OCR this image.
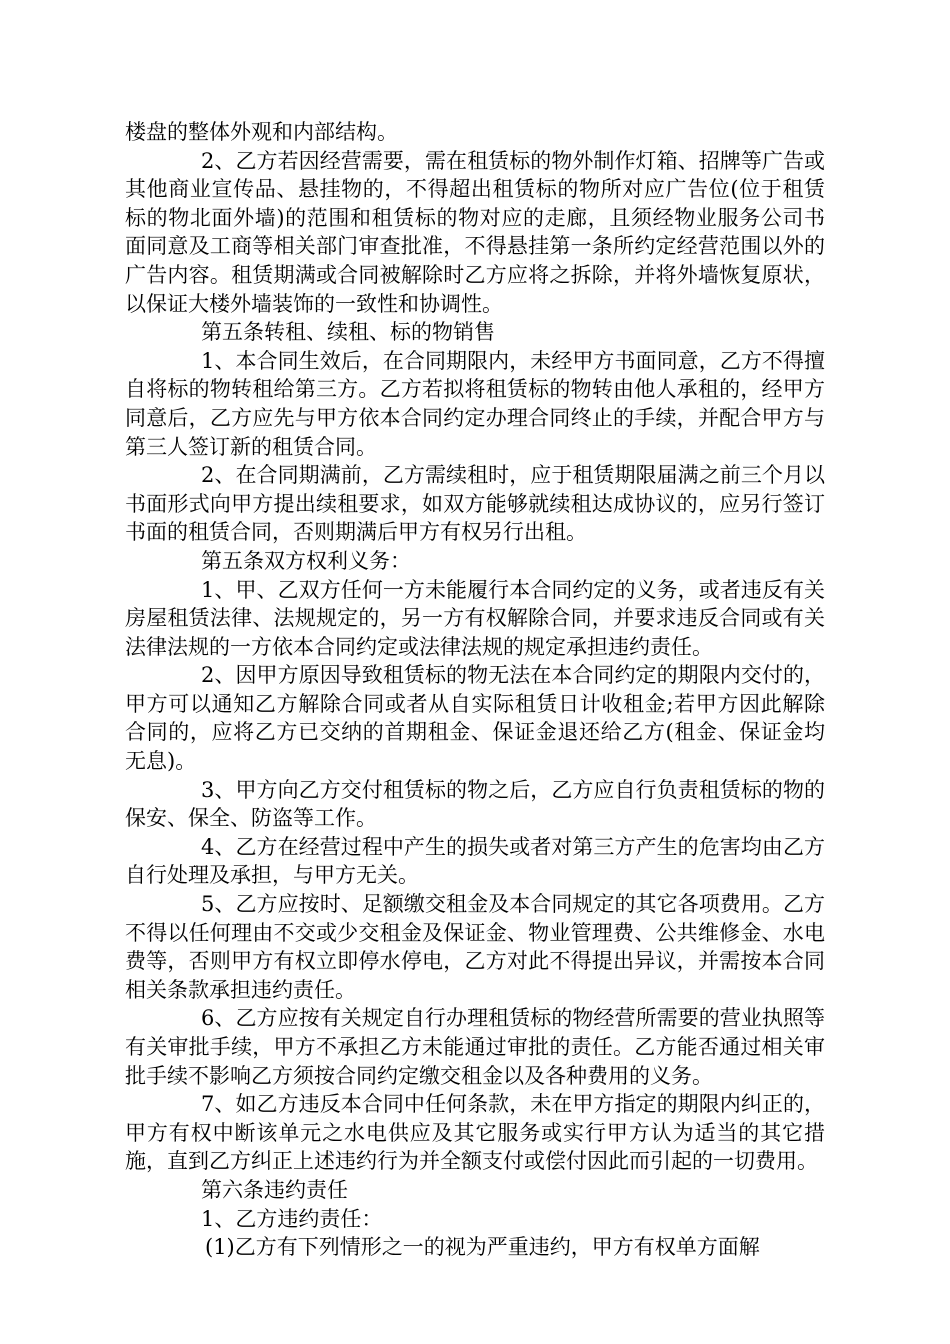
楼盘的整体外观和内部结构。

2、乙方若因经营需要，需在租赁标的物外制作灯箱、招牌等广告或其他商业宣传品、悬挂物的，不得超出租赁标的物所对应广告位(位于租赁标的物北面外墙)的范围和租赁标的物对应的走廊，且须经物业服务公司书面同意及工商等相关部门审查批准，不得悬挂第一条所约定经营范围以外的广告内容。租赁期满或合同被解除时乙方应将之拆除，并将外墙恢复原状，以保证大楼外墙装饰的一致性和协调性。

第五条转租、续租、标的物销售

1、本合同生效后，在合同期限内，未经甲方书面同意，乙方不得擅自将标的物转租给第三方。乙方若拟将租赁标的物转由他人承租的，经甲方同意后，乙方应先与甲方依本合同约定办理合同终止的手续，并配合甲方与第三人签订新的租赁合同。

2、在合同期满前，乙方需续租时，应于租赁期限届满之前三个月以书面形式向甲方提出续租要求，如双方能够就续租达成协议的，应另行签订书面的租赁合同，否则期满后甲方有权另行出租。

第五条双方权利义务：

1、甲、乙双方任何一方未能履行本合同约定的义务，或者违反有关房屋租赁法律、法规规定的，另一方有权解除合同，并要求违反合同或有关法律法规的一方依本合同约定或法律法规的规定承担违约责任。

2、因甲方原因导致租赁标的物无法在本合同约定的期限内交付的，甲方可以通知乙方解除合同或者从自实际租赁日计收租金;若甲方因此解除合同的，应将乙方已交纳的首期租金、保证金退还给乙方(租金、保证金均无息)。

3、甲方向乙方交付租赁标的物之后，乙方应自行负责租赁标的物的保安、保全、防盗等工作。

4、乙方在经营过程中产生的损失或者对第三方产生的危害均由乙方自行处理及承担，与甲方无关。

5、乙方应按时、足额缴交租金及本合同规定的其它各项费用。乙方不得以任何理由不交或少交租金及保证金、物业管理费、公共维修金、水电费等，否则甲方有权立即停水停电，乙方对此不得提出异议，并需按本合同相关条款承担违约责任。

6、乙方应按有关规定自行办理租赁标的物经营所需要的营业执照等有关审批手续，甲方不承担乙方未能通过审批的责任。乙方能否通过相关审批手续不影响乙方须按合同约定缴交租金以及各种费用的义务。

7、如乙方违反本合同中任何条款，未在甲方指定的期限内纠正的，甲方有权中断该单元之水电供应及其它服务或实行甲方认为适当的其它措施，直到乙方纠正上述违约行为并全额支付或偿付因此而引起的一切费用。

第六条违约责任

1、乙方违约责任：

(1)乙方有下列情形之一的视为严重违约，甲方有权单方面解
